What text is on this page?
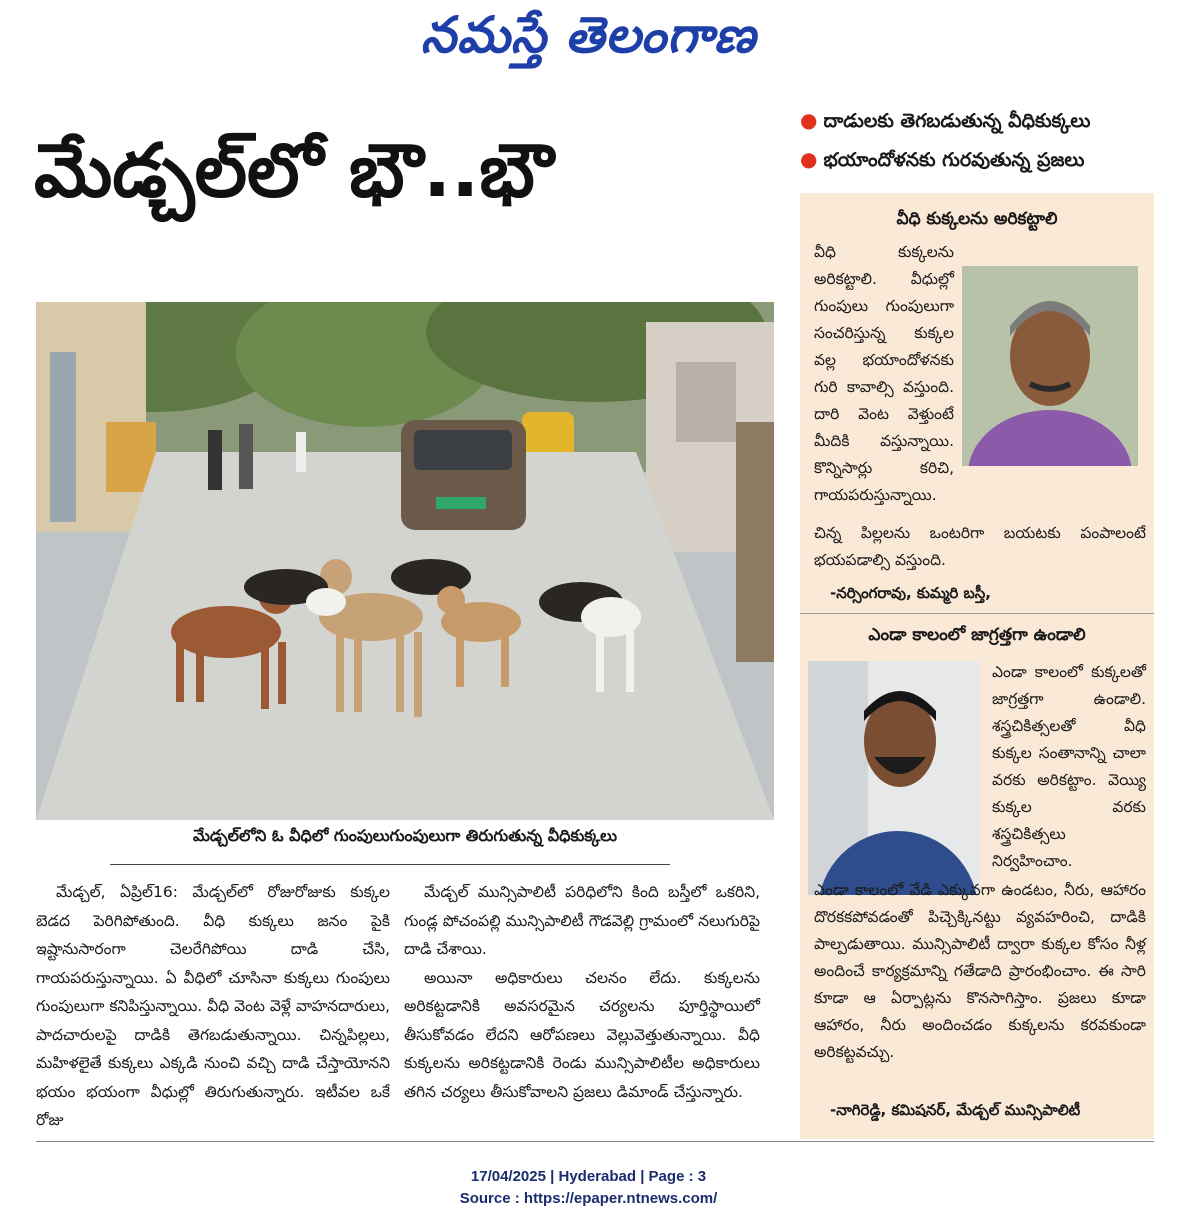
నమస్తే తెలంగాణ
మేడ్చల్‌లో భౌ..భౌ
● దాడులకు తెగబడుతున్న వీధికుక్కలు
● భయాందోళనకు గురవుతున్న ప్రజలు
మేడ్చల్‌లోని ఓ వీధిలో గుంపులుగుంపులుగా తిరుగుతున్న వీధికుక్కలు

మేడ్చల్, ఏప్రిల్16: మేడ్చల్‌లో రోజురోజుకు కుక్కల బెడద పెరిగిపోతుంది. వీధి కుక్కలు జనం పైకి ఇష్టానుసారంగా చెలరేగిపోయి దాడి చేసి, గాయపరుస్తున్నాయి. ఏ వీధిలో చూసినా కుక్కలు గుంపులు గుంపులుగా కనిపిస్తున్నాయి. వీధి వెంట వెళ్లే వాహనదారులు, పాదచారులపై దాడికి తెగబడుతున్నాయి. చిన్నపిల్లలు, మహిళలైతే కుక్కలు ఎక్కడి నుంచి వచ్చి దాడి చేస్తాయోనని భయం భయంగా వీధుల్లో తిరుగుతున్నారు. ఇటీవల ఒకే రోజు

మేడ్చల్ మున్సిపాలిటీ పరిధిలోని కింది బస్తీలో ఒకరిని, గుండ్ల పోచంపల్లి మున్సిపాలిటీ గౌడవెల్లి గ్రామంలో నలుగురిపై దాడి చేశాయి.

అయినా అధికారులు చలనం లేదు. కుక్కలను అరికట్టడానికి అవసరమైన చర్యలను పూర్తిస్థాయిలో తీసుకోవడం లేదని ఆరోపణలు వెల్లువెత్తుతున్నాయి. వీధి కుక్కలను అరికట్టడానికి రెండు మున్సిపాలిటీల అధికారులు తగిన చర్యలు తీసుకోవాలని ప్రజలు డిమాండ్ చేస్తున్నారు.

వీధి కుక్కలను అరికట్టాలి
వీధి కుక్కలను అరికట్టాలి. వీధుల్లో గుంపులు గుంపులుగా సంచరిస్తున్న కుక్కల వల్ల భయాందోళనకు గురి కావాల్సి వస్తుంది. దారి వెంట వెళ్తుంటే మీదికి వస్తున్నాయి. కొన్నిసార్లు కరిచి, గాయపరుస్తున్నాయి.
చిన్న పిల్లలను ఒంటరిగా బయటకు పంపాలంటే భయపడాల్సి వస్తుంది.
-నర్సింగరావు, కుమ్మరి బస్తీ,
ఎండా కాలంలో జాగ్రత్తగా ఉండాలి
ఎండా కాలంలో కుక్కలతో జాగ్రత్తగా ఉండాలి. శస్త్రచికిత్సలతో వీధి కుక్కల సంతానాన్ని చాలా వరకు అరికట్టాం. వెయ్యి కుక్కల వరకు శస్త్రచికిత్సలు నిర్వహించాం.
ఎండా కాలంలో వేడి ఎక్కువగా ఉండటం, నీరు, ఆహారం దొరకకపోవడంతో పిచ్చెక్కినట్టు వ్యవహరించి, దాడికి పాల్పడుతాయి. మున్సిపాలిటీ ద్వారా కుక్కల కోసం నీళ్ల అందించే కార్యక్రమాన్ని గతేడాది ప్రారంభించాం. ఈ సారి కూడా ఆ ఏర్పాట్లను కొనసాగిస్తాం. ప్రజలు కూడా ఆహారం, నీరు అందించడం కుక్కలను కరవకుండా అరికట్టవచ్చు.
-నాగిరెడ్డి, కమిషనర్, మేడ్చల్ మున్సిపాలిటీ
17/04/2025 | Hyderabad | Page : 3
Source : https://epaper.ntnews.com/
